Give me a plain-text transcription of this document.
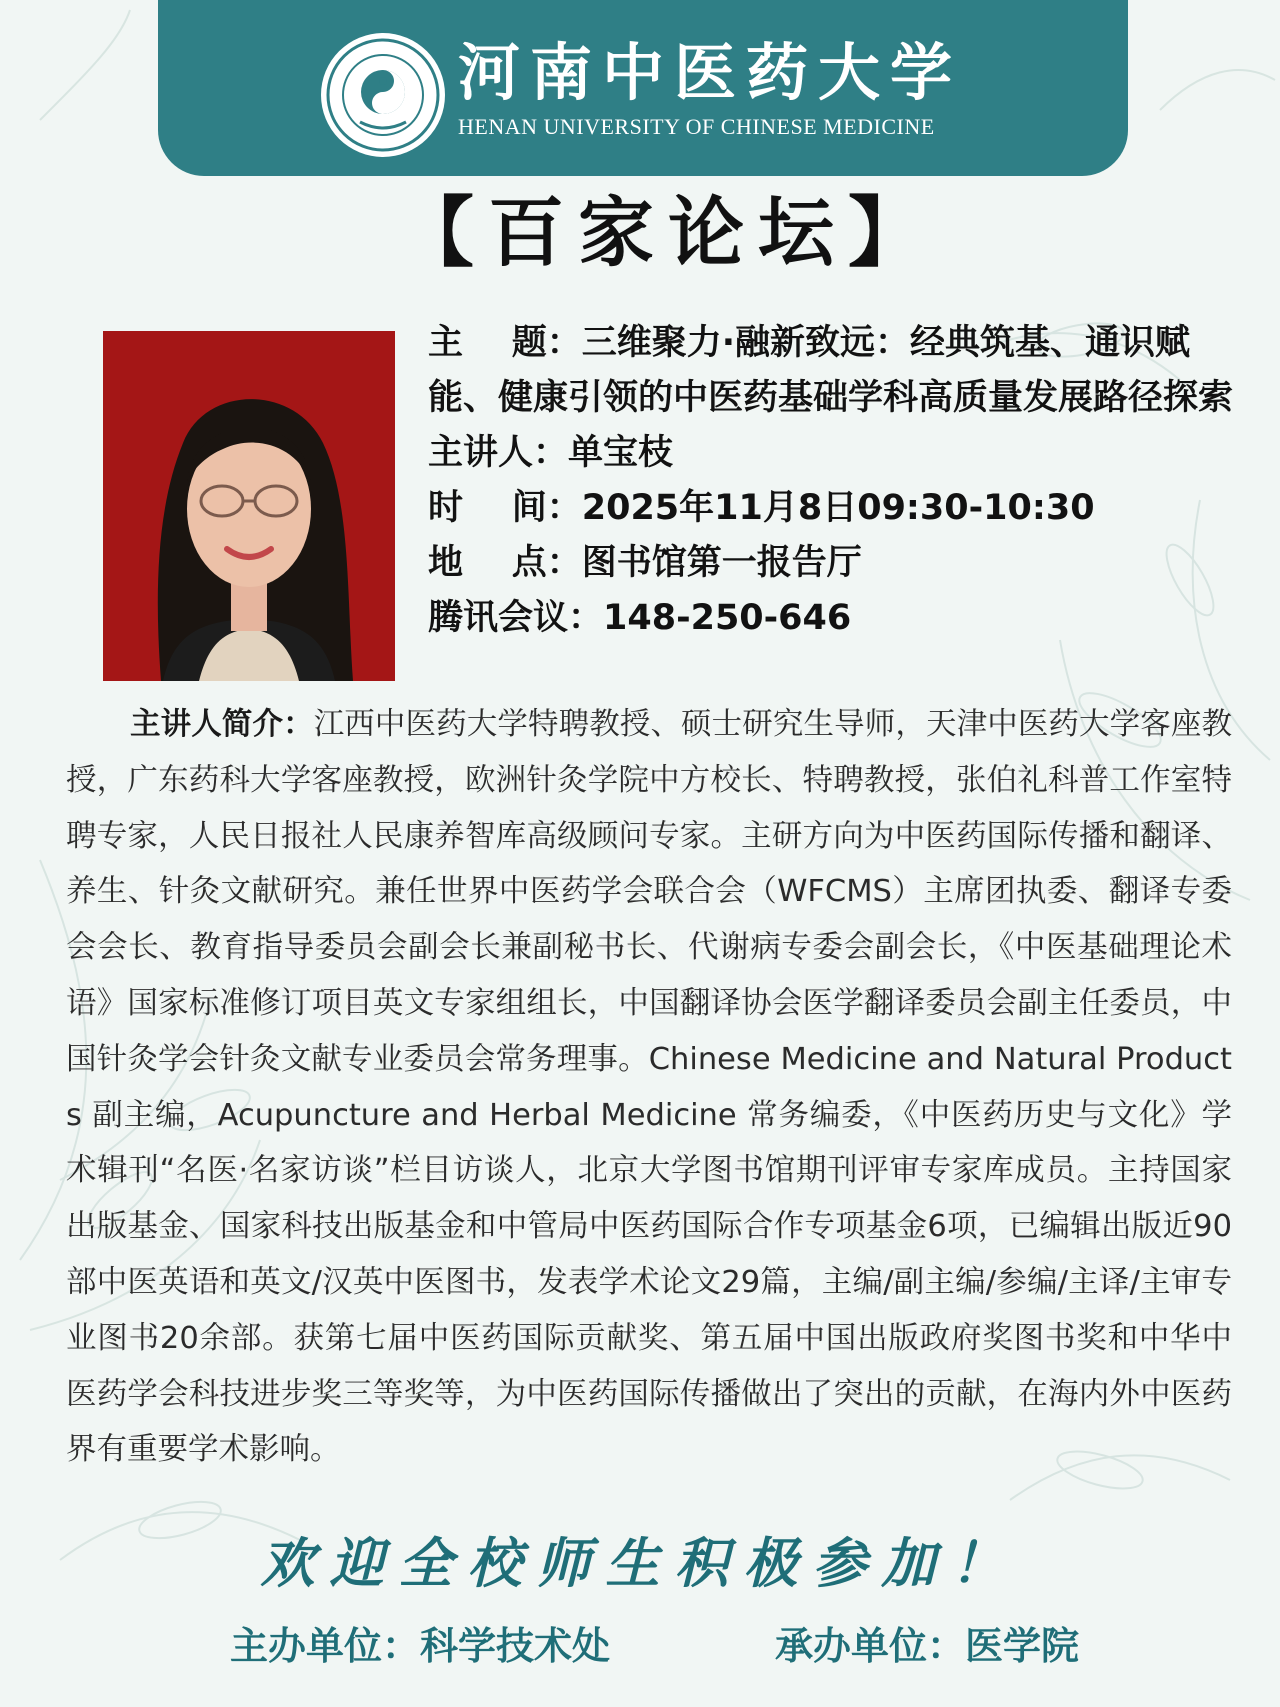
河南中医药大学
HENAN UNIVERSITY OF CHINESE MEDICINE
【百家论坛】
主    题：三维聚力·融新致远：经典筑基、通识赋能、健康引领的中医药基础学科高质量发展路径探索
主讲人：单宝枝
时    间：2025年11月8日09:30-10:30
地    点：图书馆第一报告厅
腾讯会议：148-250-646
主讲人简介：江西中医药大学特聘教授、硕士研究生导师，天津中医药大学客座教授，广东药科大学客座教授，欧洲针灸学院中方校长、特聘教授，张伯礼科普工作室特聘专家，人民日报社人民康养智库高级顾问专家。主研方向为中医药国际传播和翻译、养生、针灸文献研究。兼任世界中医药学会联合会（WFCMS）主席团执委、翻译专委会会长、教育指导委员会副会长兼副秘书长、代谢病专委会副会长，《中医基础理论术语》国家标准修订项目英文专家组组长，中国翻译协会医学翻译委员会副主任委员，中国针灸学会针灸文献专业委员会常务理事。Chinese Medicine and Natural Products 副主编，Acupuncture and Herbal Medicine 常务编委，《中医药历史与文化》学术辑刊“名医·名家访谈”栏目访谈人，北京大学图书馆期刊评审专家库成员。主持国家出版基金、国家科技出版基金和中管局中医药国际合作专项基金6项，已编辑出版近90部中医英语和英文/汉英中医图书，发表学术论文29篇，主编/副主编/参编/主译/主审专业图书20余部。获第七届中医药国际贡献奖、第五届中国出版政府奖图书奖和中华中医药学会科技进步奖三等奖等，为中医药国际传播做出了突出的贡献，在海内外中医药界有重要学术影响。
欢迎全校师生积极参加！
主办单位：科学技术处	承办单位：医学院
